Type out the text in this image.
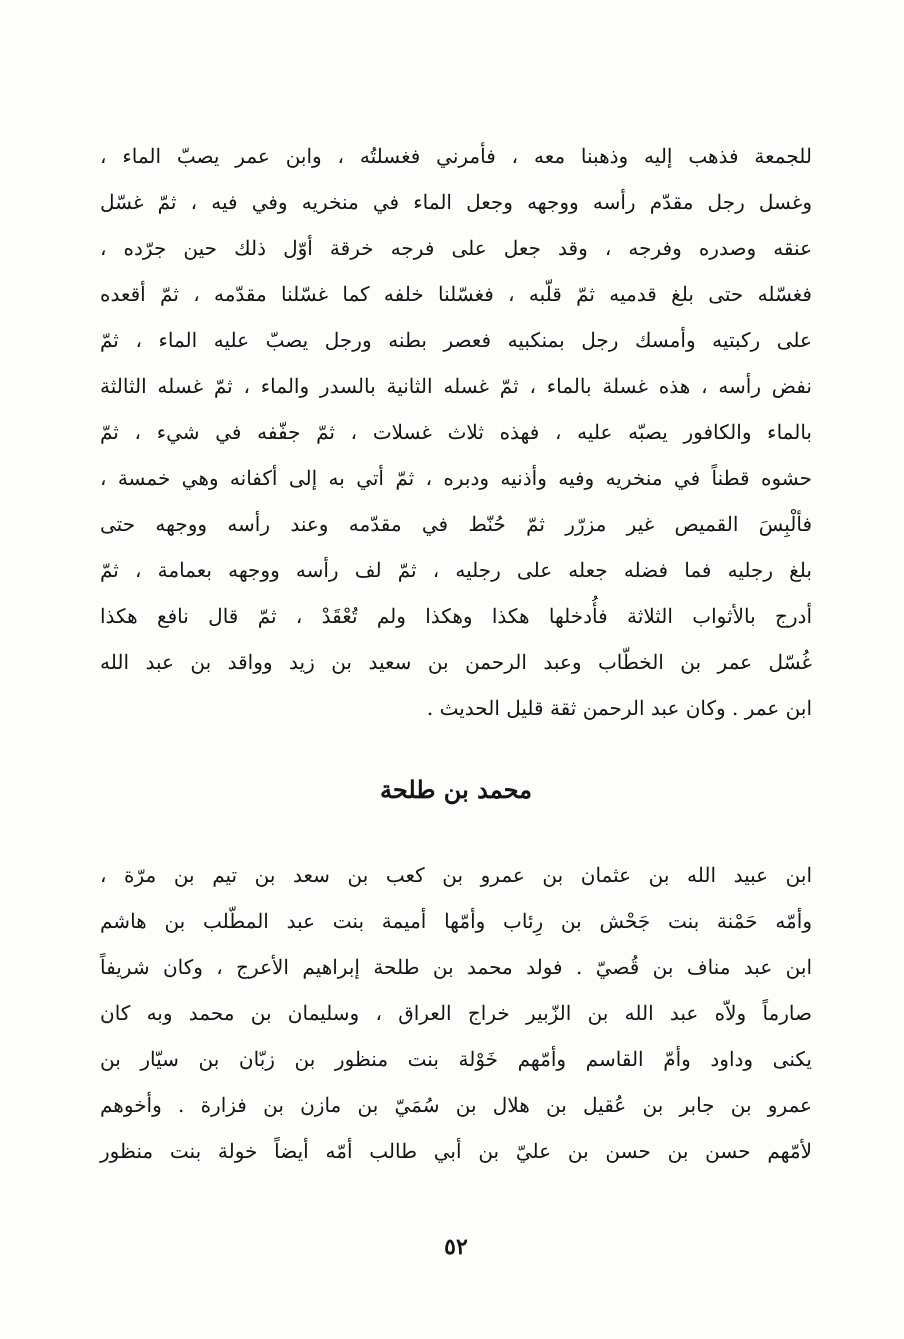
للجمعة فذهب إليه وذهبنا معه ، فأمرني فغسلتُه ، وابن عمر يصبّ الماء ،
وغسل رجل مقدّم رأسه ووجهه وجعل الماء في منخريه وفي فيه ، ثمّ غسّل
عنقه وصدره وفرجه ، وقد جعل على فرجه خرقة أوّل ذلك حين جرّده ،
فغسّله حتى بلغ قدميه ثمّ قلّبه ، فغسّلنا خلفه كما غسّلنا مقدّمه ، ثمّ أقعده
على ركبتيه وأمسك رجل بمنكبيه فعصر بطنه ورجل يصبّ عليه الماء ، ثمّ
نفض رأسه ، هذه غسلة بالماء ، ثمّ غسله الثانية بالسدر والماء ، ثمّ غسله الثالثة
بالماء والكافور يصبّه عليه ، فهذه ثلاث غسلات ، ثمّ جفّفه في شيء ، ثمّ
حشوه قطناً في منخريه وفيه وأذنيه ودبره ، ثمّ أتي به إلى أكفانه وهي خمسة ،
فألْبِسَ القميص غير مزرّر ثمّ حُنّط في مقدّمه وعند رأسه ووجهه حتى
بلغ رجليه فما فضله جعله على رجليه ، ثمّ لف رأسه ووجهه بعمامة ، ثمّ
أدرج بالأثواب الثلاثة فأُدخلها هكذا وهكذا ولم تُعْقَدْ ، ثمّ قال نافع هكذا
غُسّل عمر بن الخطّاب وعبد الرحمن بن سعيد بن زيد وواقد بن عبد الله
ابن عمر . وكان عبد الرحمن ثقة قليل الحديث .
محمد بن طلحة
ابن عبيد الله بن عثمان بن عمرو بن كعب بن سعد بن تيم بن مرّة ،
وأمّه حَمْنة بنت جَحْش بن رِئاب وأمّها أميمة بنت عبد المطّلب بن هاشم
ابن عبد مناف بن قُصيّ . فولد محمد بن طلحة إبراهيم الأعرج ، وكان شريفاً
صارماً ولاّه عبد الله بن الزّبير خراج العراق ، وسليمان بن محمد وبه كان
يكنى وداود وأمّ القاسم وأمّهم خَوْلة بنت منظور بن زبّان بن سيّار بن
عمرو بن جابر بن عُقيل بن هلال بن سُمَيّ بن مازن بن فزارة . وأخوهم
لأمّهم حسن بن حسن بن عليّ بن أبي طالب أمّه أيضاً خولة بنت منظور
٥٢
